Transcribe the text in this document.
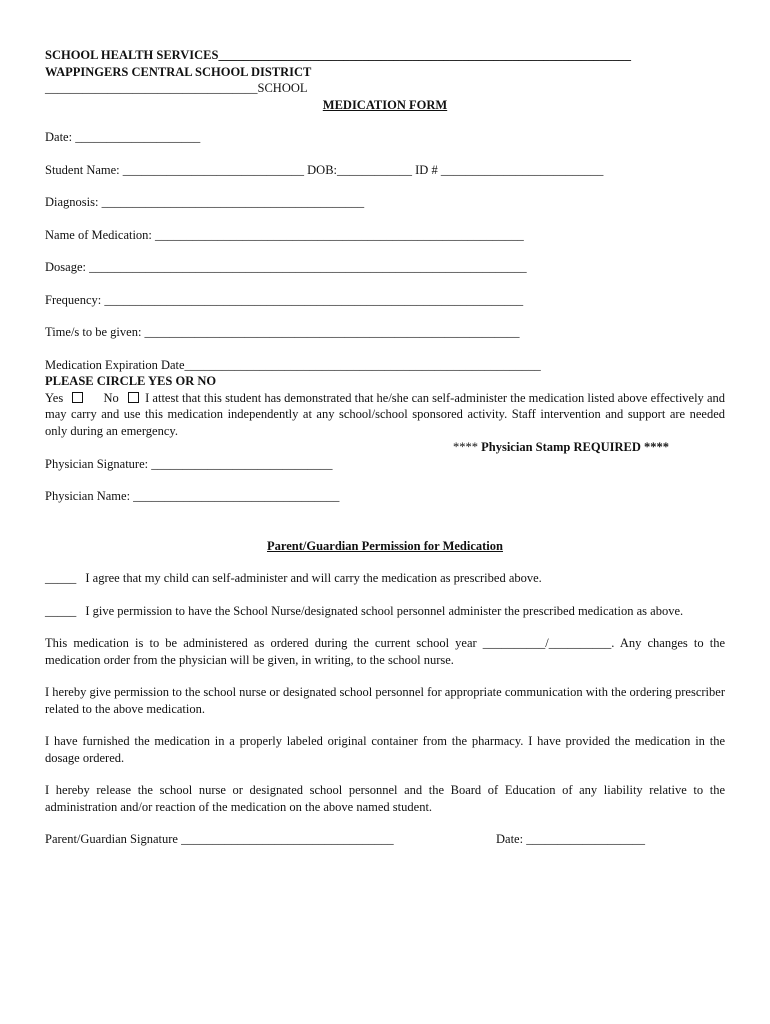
SCHOOL HEALTH SERVICES__________________________________________________________________
WAPPINGERS CENTRAL SCHOOL DISTRICT
__________________________________SCHOOL
MEDICATION FORM
Date: ____________________
Student Name: _____________________________ DOB:____________ ID # __________________________
Diagnosis: __________________________________________
Name of Medication: ___________________________________________________________
Dosage: ______________________________________________________________________
Frequency: ___________________________________________________________________
Time/s to be given: ____________________________________________________________
Medication Expiration Date_________________________________________________________
PLEASE CIRCLE YES OR NO
Yes	No I attest that this student has demonstrated that he/she can self-administer the medication listed above effectively and may carry and use this medication independently at any school/school sponsored activity. Staff intervention and support are needed only during an emergency.
**** Physician Stamp REQUIRED ****
Physician Signature: _____________________________
Physician Name: _________________________________
Parent/Guardian Permission for Medication
_____ I agree that my child can self-administer and will carry the medication as prescribed above.
_____ I give permission to have the School Nurse/designated school personnel administer the prescribed medication as above.
This medication is to be administered as ordered during the current school year __________/__________. Any changes to the medication order from the physician will be given, in writing, to the school nurse.
I hereby give permission to the school nurse or designated school personnel for appropriate communication with the ordering prescriber related to the above medication.
I have furnished the medication in a properly labeled original container from the pharmacy. I have provided the medication in the dosage ordered.
I hereby release the school nurse or designated school personnel and the Board of Education of any liability relative to the administration and/or reaction of the medication on the above named student.
Parent/Guardian Signature __________________________________	Date: ___________________
